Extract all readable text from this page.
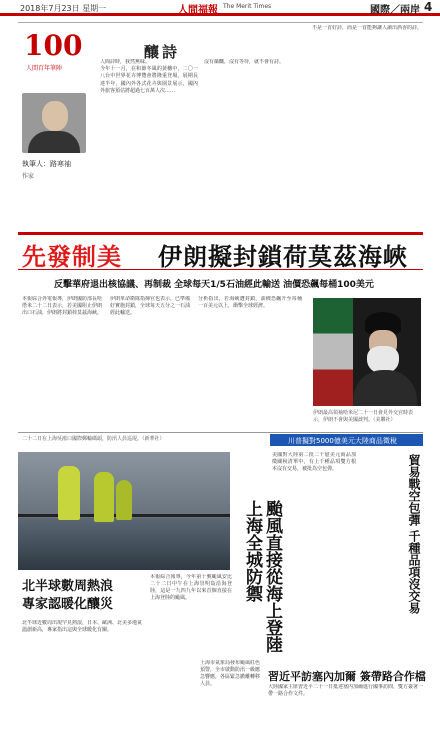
2018年7月23日 星期一	人間福報 The Merit Times	國際／兩岸 4
100
人間百年筆陣
釀詩
執筆人：路寒袖
作家

人間詩時，我然無味。

今年十一月，在和節冬風的黃穗中，二〇一八台中世界花卉博覽會將隆重登場，展期長達半年，國內外各式花卉與園景展示，國內外旅客預估將超過七百萬人次……

沒有蘊釀，沒有等待，就不會有詩。

不是一首好詩，而是一首能夠讓人讀出酒香的詩。

先發制美 伊朗擬封鎖荷莫茲海峽
反擊華府退出核協議、再制裁 全球每天1/5石油經此輸送 油價恐飆每桶100美元
本報綜合外電報導，伊朗國防部長哈塔米二十二日表示，若美國阻止伊朗出口石油，伊朗將封鎖荷莫茲海峽。
伊朗革命衛隊指揮官也表示，已準備好實施封鎖，全球每天五分之一石油經此輸送。
分析指出，若海峽遭封鎖，油價恐飆升至每桶一百美元以上，衝擊全球經濟。
伊朗最高領袖哈米尼二十一日會見外交官時表示，伊朗不會與美國談判。（美聯社）
二十二日在上海吳淞口國際郵輪碼頭，防汛人員巡堤。（新華社）
颱風直接從海上登陸 上海全城防禦
本報綜合報導，今年第十號颱風安比二十二日中午在上海崇明島沿海登陸，這是一九四九年以來首個直接在上海登陸的颱風。
上海市氣象局發布颱風紅色預警，全市啟動防汛一級應急響應，各區緊急撤離轉移人員。
北半球數周熱浪
專家認暖化釀災
北半球近數周出現罕見熱浪，日本、歐洲、北美多地氣溫創新高，專家指出這與全球暖化有關。
川普擬對5000億美元大陸商品徵稅
美國對大陸第二批二千億美元商品加徵關稅清單中，有上千種品項雙方根本沒有交易，被批為空包彈。	貿易戰空包彈 千種品項沒交易
習近平訪塞內加爾 簽帶路合作檔
大陸國家主席習近平二十一日抵達塞內加爾進行國事訪問，雙方簽署一帶一路合作文件。
